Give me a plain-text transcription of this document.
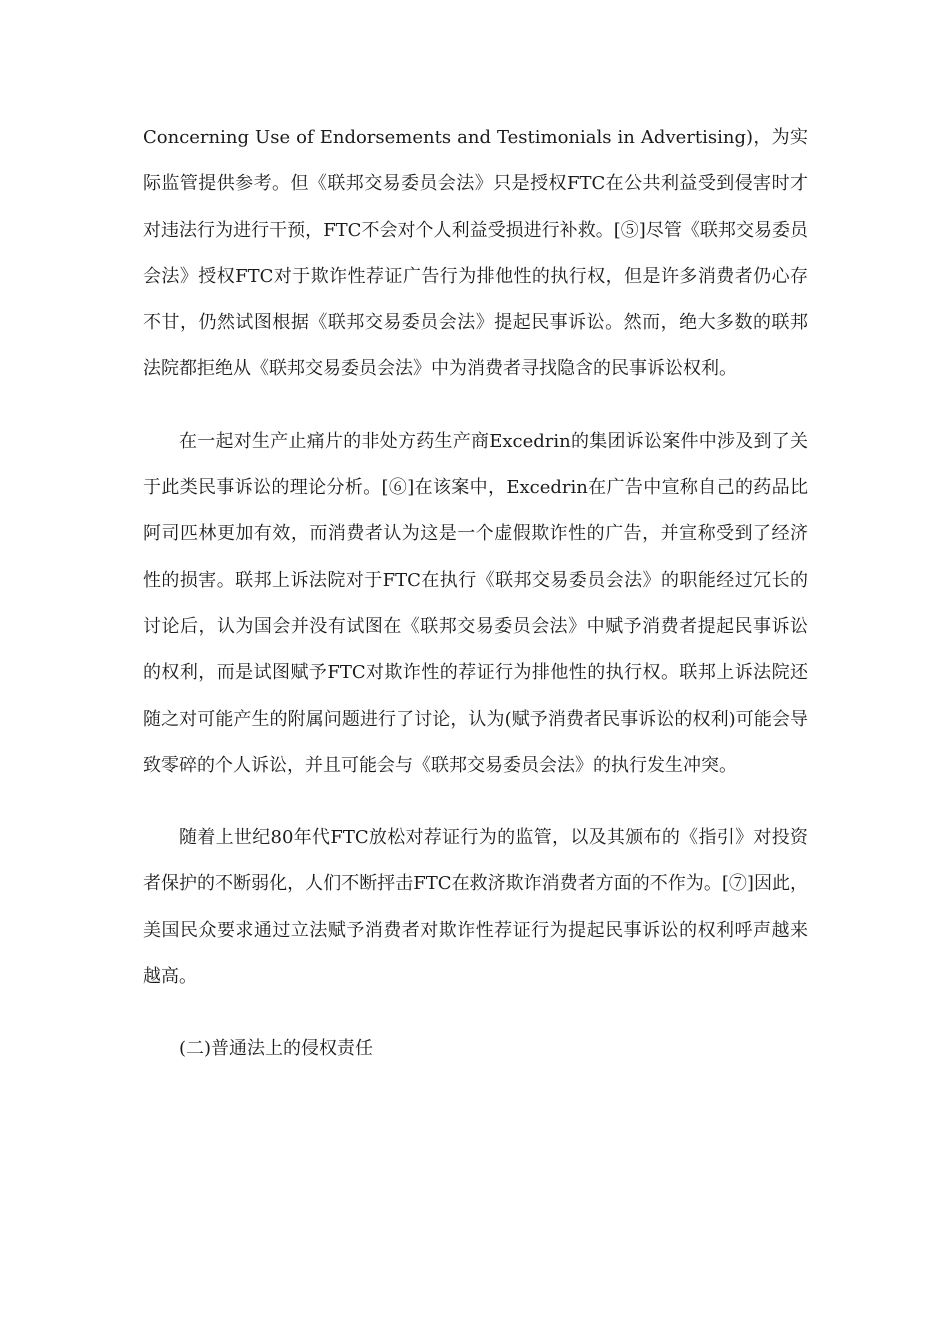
Concerning Use of Endorsements and Testimonials in Advertising)，为实际监管提供参考。但《联邦交易委员会法》只是授权FTC在公共利益受到侵害时才对违法行为进行干预，FTC不会对个人利益受损进行补救。[⑤]尽管《联邦交易委员会法》授权FTC对于欺诈性荐证广告行为排他性的执行权，但是许多消费者仍心存不甘，仍然试图根据《联邦交易委员会法》提起民事诉讼。然而，绝大多数的联邦法院都拒绝从《联邦交易委员会法》中为消费者寻找隐含的民事诉讼权利。

在一起对生产止痛片的非处方药生产商Excedrin的集团诉讼案件中涉及到了关于此类民事诉讼的理论分析。[⑥]在该案中，Excedrin在广告中宣称自己的药品比阿司匹林更加有效，而消费者认为这是一个虚假欺诈性的广告，并宣称受到了经济性的损害。联邦上诉法院对于FTC在执行《联邦交易委员会法》的职能经过冗长的讨论后，认为国会并没有试图在《联邦交易委员会法》中赋予消费者提起民事诉讼的权利，而是试图赋予FTC对欺诈性的荐证行为排他性的执行权。联邦上诉法院还随之对可能产生的附属问题进行了讨论，认为(赋予消费者民事诉讼的权利)可能会导致零碎的个人诉讼，并且可能会与《联邦交易委员会法》的执行发生冲突。

随着上世纪80年代FTC放松对荐证行为的监管，以及其颁布的《指引》对投资者保护的不断弱化，人们不断抨击FTC在救济欺诈消费者方面的不作为。[⑦]因此，美国民众要求通过立法赋予消费者对欺诈性荐证行为提起民事诉讼的权利呼声越来越高。

(二)普通法上的侵权责任
